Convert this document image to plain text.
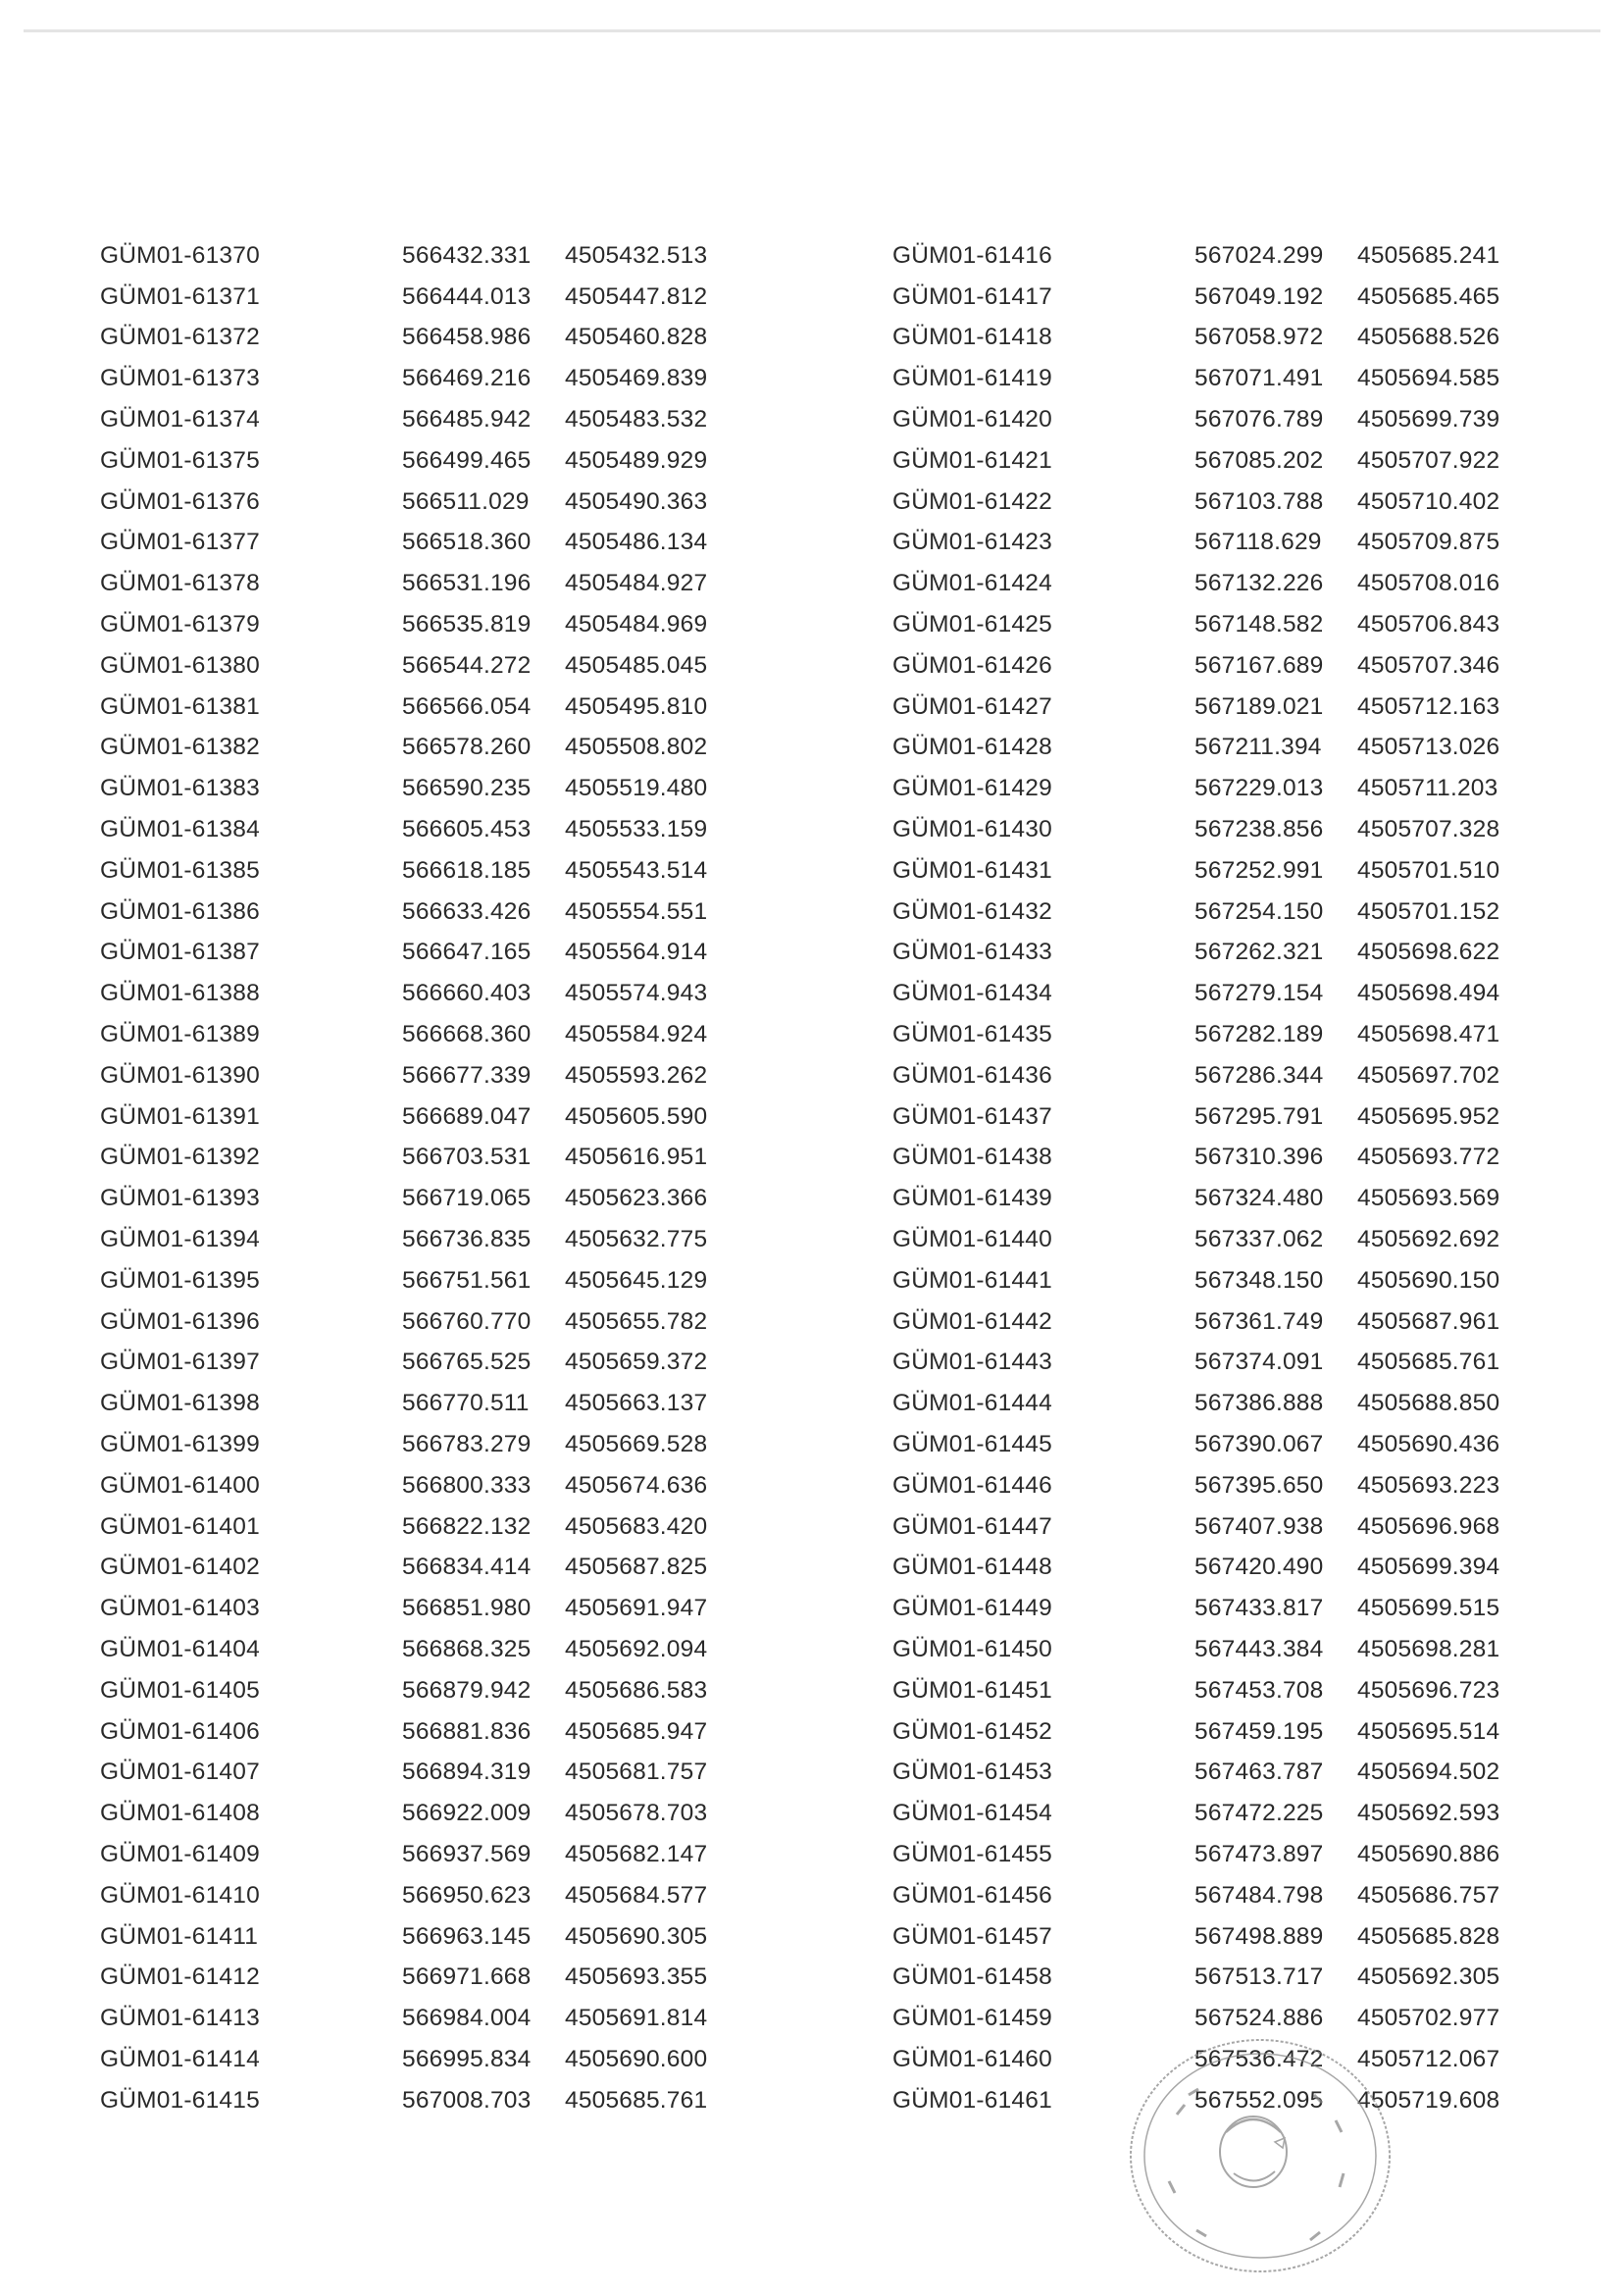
GÜM01-61370	566432.331	4505432.513
GÜM01-61371	566444.013	4505447.812
GÜM01-61372	566458.986	4505460.828
GÜM01-61373	566469.216	4505469.839
GÜM01-61374	566485.942	4505483.532
GÜM01-61375	566499.465	4505489.929
GÜM01-61376	566511.029	4505490.363
GÜM01-61377	566518.360	4505486.134
GÜM01-61378	566531.196	4505484.927
GÜM01-61379	566535.819	4505484.969
GÜM01-61380	566544.272	4505485.045
GÜM01-61381	566566.054	4505495.810
GÜM01-61382	566578.260	4505508.802
GÜM01-61383	566590.235	4505519.480
GÜM01-61384	566605.453	4505533.159
GÜM01-61385	566618.185	4505543.514
GÜM01-61386	566633.426	4505554.551
GÜM01-61387	566647.165	4505564.914
GÜM01-61388	566660.403	4505574.943
GÜM01-61389	566668.360	4505584.924
GÜM01-61390	566677.339	4505593.262
GÜM01-61391	566689.047	4505605.590
GÜM01-61392	566703.531	4505616.951
GÜM01-61393	566719.065	4505623.366
GÜM01-61394	566736.835	4505632.775
GÜM01-61395	566751.561	4505645.129
GÜM01-61396	566760.770	4505655.782
GÜM01-61397	566765.525	4505659.372
GÜM01-61398	566770.511	4505663.137
GÜM01-61399	566783.279	4505669.528
GÜM01-61400	566800.333	4505674.636
GÜM01-61401	566822.132	4505683.420
GÜM01-61402	566834.414	4505687.825
GÜM01-61403	566851.980	4505691.947
GÜM01-61404	566868.325	4505692.094
GÜM01-61405	566879.942	4505686.583
GÜM01-61406	566881.836	4505685.947
GÜM01-61407	566894.319	4505681.757
GÜM01-61408	566922.009	4505678.703
GÜM01-61409	566937.569	4505682.147
GÜM01-61410	566950.623	4505684.577
GÜM01-61411	566963.145	4505690.305
GÜM01-61412	566971.668	4505693.355
GÜM01-61413	566984.004	4505691.814
GÜM01-61414	566995.834	4505690.600
GÜM01-61415	567008.703	4505685.761
GÜM01-61416	567024.299	4505685.241
GÜM01-61417	567049.192	4505685.465
GÜM01-61418	567058.972	4505688.526
GÜM01-61419	567071.491	4505694.585
GÜM01-61420	567076.789	4505699.739
GÜM01-61421	567085.202	4505707.922
GÜM01-61422	567103.788	4505710.402
GÜM01-61423	567118.629	4505709.875
GÜM01-61424	567132.226	4505708.016
GÜM01-61425	567148.582	4505706.843
GÜM01-61426	567167.689	4505707.346
GÜM01-61427	567189.021	4505712.163
GÜM01-61428	567211.394	4505713.026
GÜM01-61429	567229.013	4505711.203
GÜM01-61430	567238.856	4505707.328
GÜM01-61431	567252.991	4505701.510
GÜM01-61432	567254.150	4505701.152
GÜM01-61433	567262.321	4505698.622
GÜM01-61434	567279.154	4505698.494
GÜM01-61435	567282.189	4505698.471
GÜM01-61436	567286.344	4505697.702
GÜM01-61437	567295.791	4505695.952
GÜM01-61438	567310.396	4505693.772
GÜM01-61439	567324.480	4505693.569
GÜM01-61440	567337.062	4505692.692
GÜM01-61441	567348.150	4505690.150
GÜM01-61442	567361.749	4505687.961
GÜM01-61443	567374.091	4505685.761
GÜM01-61444	567386.888	4505688.850
GÜM01-61445	567390.067	4505690.436
GÜM01-61446	567395.650	4505693.223
GÜM01-61447	567407.938	4505696.968
GÜM01-61448	567420.490	4505699.394
GÜM01-61449	567433.817	4505699.515
GÜM01-61450	567443.384	4505698.281
GÜM01-61451	567453.708	4505696.723
GÜM01-61452	567459.195	4505695.514
GÜM01-61453	567463.787	4505694.502
GÜM01-61454	567472.225	4505692.593
GÜM01-61455	567473.897	4505690.886
GÜM01-61456	567484.798	4505686.757
GÜM01-61457	567498.889	4505685.828
GÜM01-61458	567513.717	4505692.305
GÜM01-61459	567524.886	4505702.977
GÜM01-61460	567536.472	4505712.067
GÜM01-61461	567552.095	4505719.608
